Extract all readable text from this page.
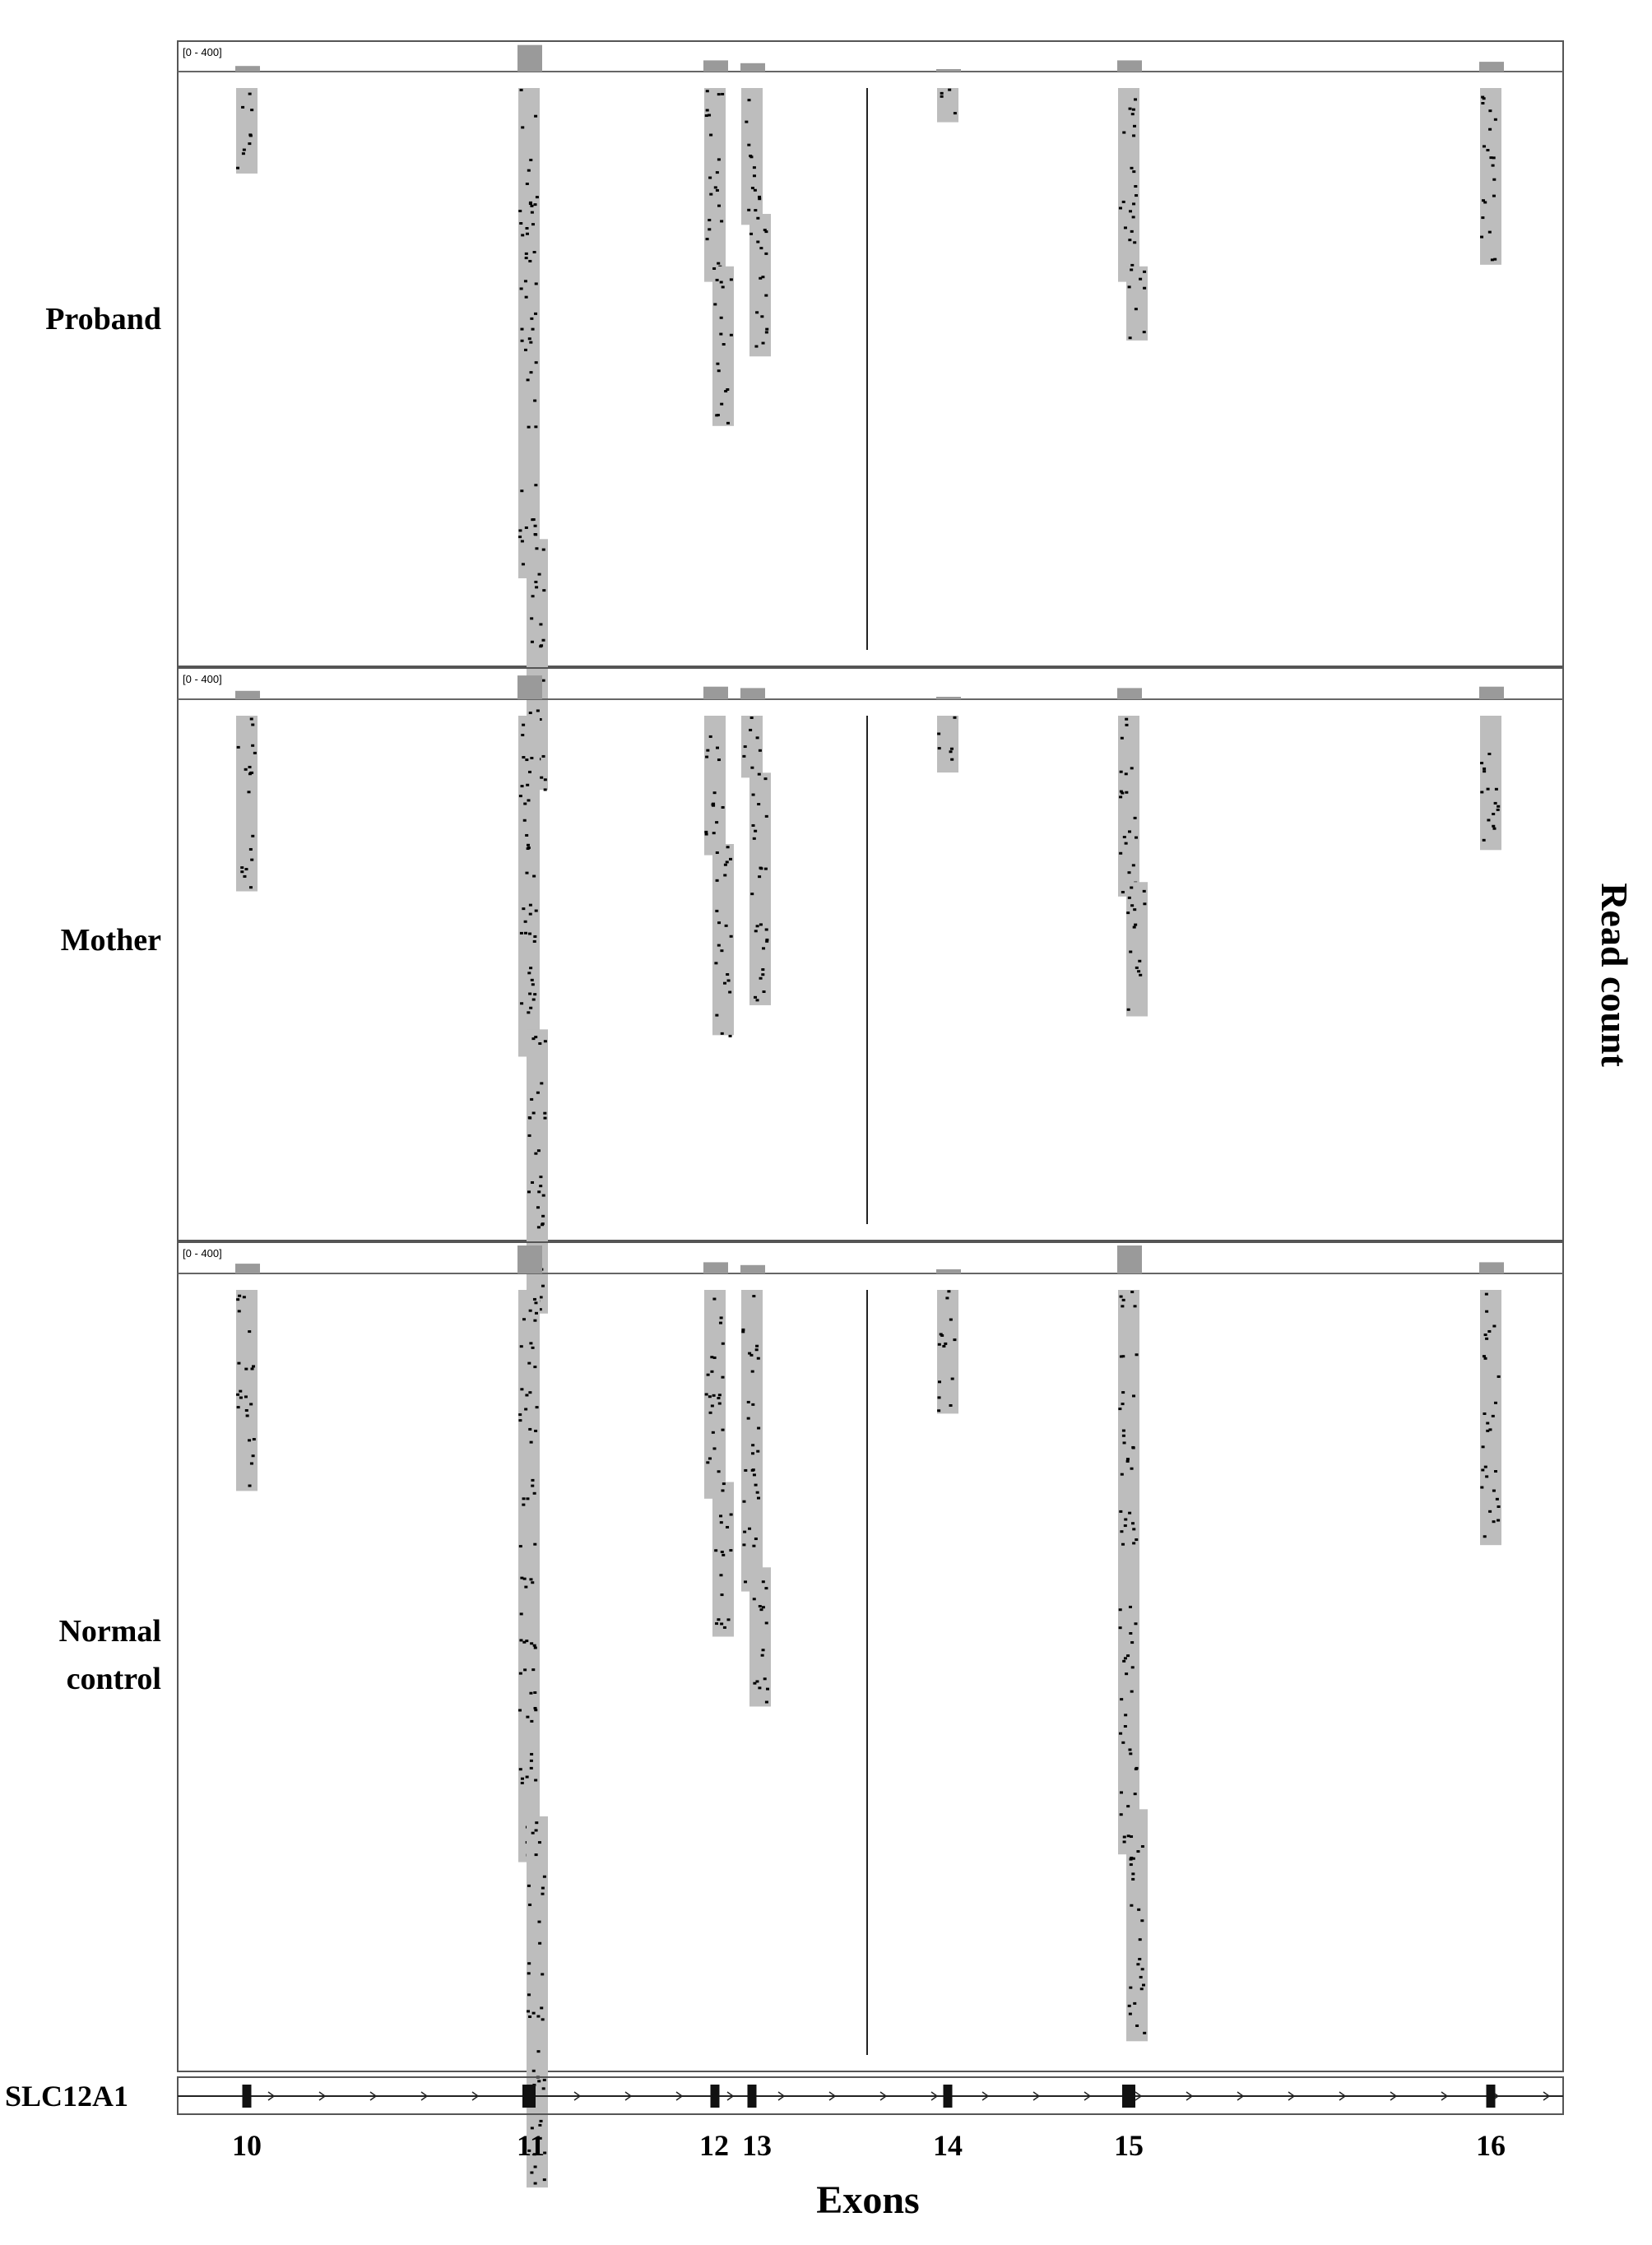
[0 - 400]
Proband
[0 - 400]
Mother
[0 - 400]
Normal
control
SLC12A1
10	11	12 13	14	15	16
Exons
Read count
